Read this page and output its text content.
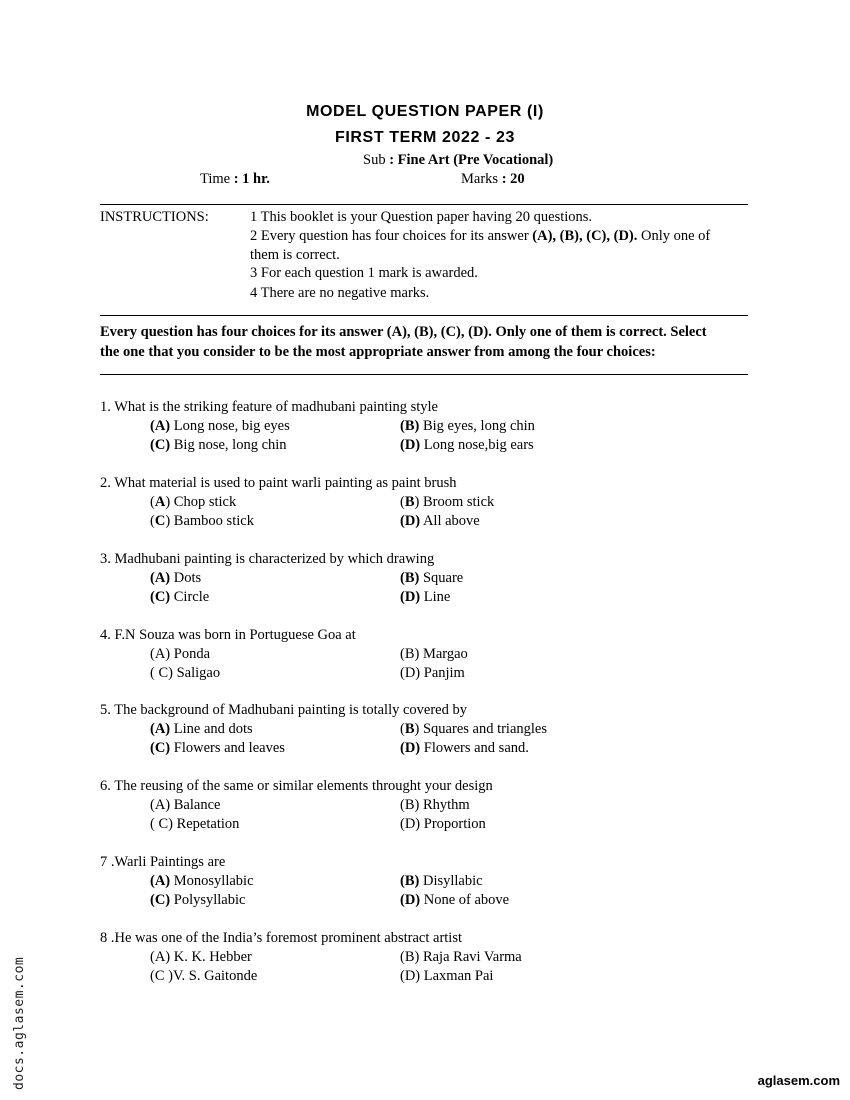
MODEL QUESTION PAPER (I)
FIRST TERM 2022 - 23
Sub : Fine Art (Pre Vocational)
Time : 1 hr.	Marks : 20
INSTRUCTIONS:	1 This booklet is your Question paper having 20 questions.
2 Every question has four choices for its answer (A), (B), (C), (D). Only one of
them is correct.
3 For each question 1 mark is awarded.
4 There are no negative marks.
Every question has four choices for its answer (A), (B), (C), (D). Only one of them is correct. Select
the one that you consider to be the most appropriate answer from among the four choices:
1. What is the striking feature of madhubani painting style
(A) Long nose, big eyes	(B) Big eyes, long chin
(C) Big nose, long chin	(D) Long nose,big ears
2. What material is used to paint warli painting as paint brush
(A) Chop stick	(B) Broom stick
(C) Bamboo stick	(D) All above
3. Madhubani painting is characterized by which drawing
(A) Dots	(B) Square
(C) Circle	(D) Line
4. F.N Souza was born in Portuguese Goa at
(A) Ponda	(B) Margao
( C) Saligao	(D) Panjim
5. The background of Madhubani painting is totally covered by
(A) Line and dots	(B) Squares and triangles
(C) Flowers and leaves	(D) Flowers and sand.
6. The reusing of the same or similar elements throught your design
(A) Balance	(B) Rhythm
( C) Repetation	(D) Proportion
7 .Warli Paintings are
(A) Monosyllabic	(B) Disyllabic
(C) Polysyllabic	(D) None of above
8 .He was one of the India’s foremost prominent abstract artist
(A) K. K. Hebber	(B) Raja Ravi Varma
(C )V. S. Gaitonde	(D) Laxman Pai
docs.aglasem.com	aglasem.com
